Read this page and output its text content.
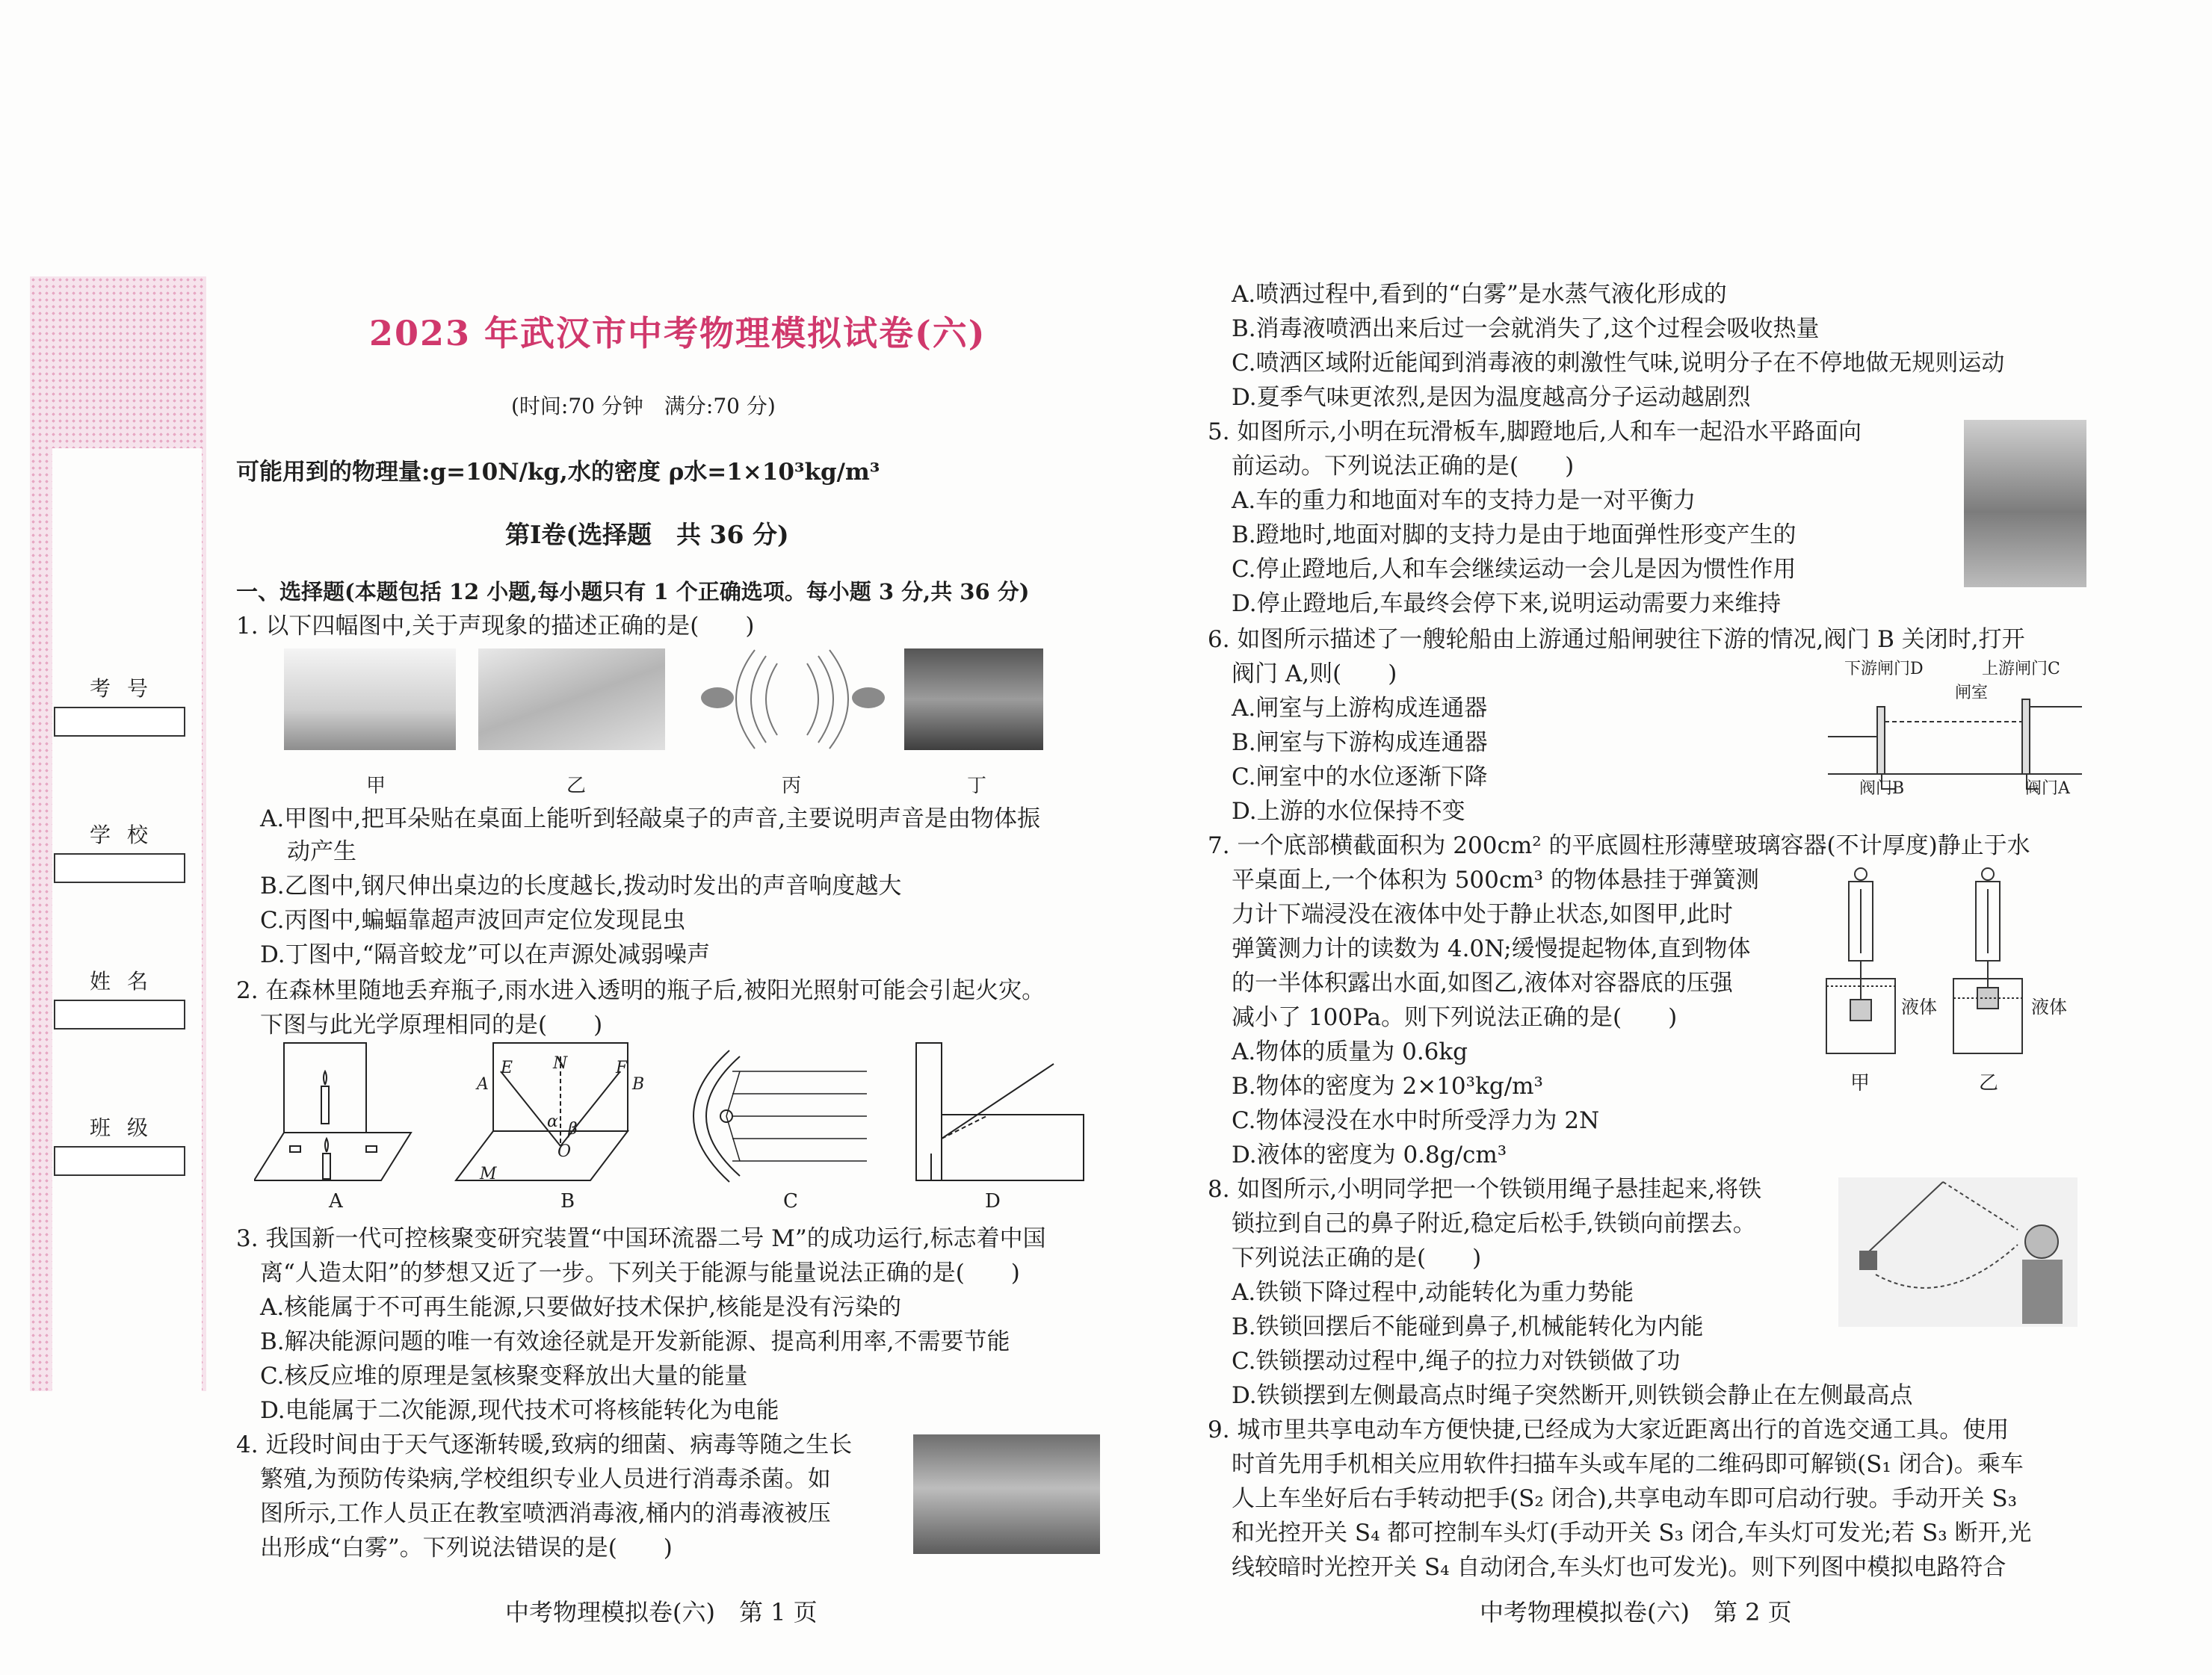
考号
学校
姓名
班级
2023 年武汉市中考物理模拟试卷(六)
(时间:70 分钟　满分:70 分)
可能用到的物理量:g=10N/kg,水的密度 ρ水=1×10³kg/m³
第Ⅰ卷(选择题　共 36 分)
一、选择题(本题包括 12 小题,每小题只有 1 个正确选项。每小题 3 分,共 36 分)
1. 以下四幅图中,关于声现象的描述正确的是(　　)
甲	乙	丙	丁
A.甲图中,把耳朵贴在桌面上能听到轻敲桌子的声音,主要说明声音是由物体振
动产生
B.乙图中,钢尺伸出桌边的长度越长,拨动时发出的声音响度越大
C.丙图中,蝙蝠靠超声波回声定位发现昆虫
D.丁图中,“隔音蛟龙”可以在声源处减弱噪声
2. 在森林里随地丢弃瓶子,雨水进入透明的瓶子后,被阳光照射可能会引起火灾。
下图与此光学原理相同的是(　　)
E
A
N	F
B
α β
O
M
A	B	C	D
3. 我国新一代可控核聚变研究装置“中国环流器二号 M”的成功运行,标志着中国
离“人造太阳”的梦想又近了一步。下列关于能源与能量说法正确的是(　　)
A.核能属于不可再生能源,只要做好技术保护,核能是没有污染的
B.解决能源问题的唯一有效途径就是开发新能源、提高利用率,不需要节能
C.核反应堆的原理是氢核聚变释放出大量的能量
D.电能属于二次能源,现代技术可将核能转化为电能
4. 近段时间由于天气逐渐转暖,致病的细菌、病毒等随之生长
繁殖,为预防传染病,学校组织专业人员进行消毒杀菌。如
图所示,工作人员正在教室喷洒消毒液,桶内的消毒液被压
出形成“白雾”。下列说法错误的是(　　)
中考物理模拟卷(六)　第 1 页
A.喷洒过程中,看到的“白雾”是水蒸气液化形成的
B.消毒液喷洒出来后过一会就消失了,这个过程会吸收热量
C.喷洒区域附近能闻到消毒液的刺激性气味,说明分子在不停地做无规则运动
D.夏季气味更浓烈,是因为温度越高分子运动越剧烈
5. 如图所示,小明在玩滑板车,脚蹬地后,人和车一起沿水平路面向
前运动。下列说法正确的是(　　)
A.车的重力和地面对车的支持力是一对平衡力
B.蹬地时,地面对脚的支持力是由于地面弹性形变产生的
C.停止蹬地后,人和车会继续运动一会儿是因为惯性作用
D.停止蹬地后,车最终会停下来,说明运动需要力来维持
6. 如图所示描述了一艘轮船由上游通过船闸驶往下游的情况,阀门 B 关闭时,打开
阀门 A,则(　　)
A.闸室与上游构成连通器
B.闸室与下游构成连通器
C.闸室中的水位逐渐下降
D.上游的水位保持不变
下游闸门D	上游闸门C
闸室
阀门B	阀门A
7. 一个底部横截面积为 200cm² 的平底圆柱形薄壁玻璃容器(不计厚度)静止于水
平桌面上,一个体积为 500cm³ 的物体悬挂于弹簧测
力计下端浸没在液体中处于静止状态,如图甲,此时
弹簧测力计的读数为 4.0N;缓慢提起物体,直到物体
的一半体积露出水面,如图乙,液体对容器底的压强
减小了 100Pa。则下列说法正确的是(　　)
A.物体的质量为 0.6kg
B.物体的密度为 2×10³kg/m³
C.物体浸没在水中时所受浮力为 2N
D.液体的密度为 0.8g/cm³
液体	液体
甲	乙
8. 如图所示,小明同学把一个铁锁用绳子悬挂起来,将铁
锁拉到自己的鼻子附近,稳定后松手,铁锁向前摆去。
下列说法正确的是(　　)
A.铁锁下降过程中,动能转化为重力势能
B.铁锁回摆后不能碰到鼻子,机械能转化为内能
C.铁锁摆动过程中,绳子的拉力对铁锁做了功
D.铁锁摆到左侧最高点时绳子突然断开,则铁锁会静止在左侧最高点
9. 城市里共享电动车方便快捷,已经成为大家近距离出行的首选交通工具。使用
时首先用手机相关应用软件扫描车头或车尾的二维码即可解锁(S₁ 闭合)。乘车
人上车坐好后右手转动把手(S₂ 闭合),共享电动车即可启动行驶。手动开关 S₃
和光控开关 S₄ 都可控制车头灯(手动开关 S₃ 闭合,车头灯可发光;若 S₃ 断开,光
线较暗时光控开关 S₄ 自动闭合,车头灯也可发光)。则下列图中模拟电路符合
中考物理模拟卷(六)　第 2 页
